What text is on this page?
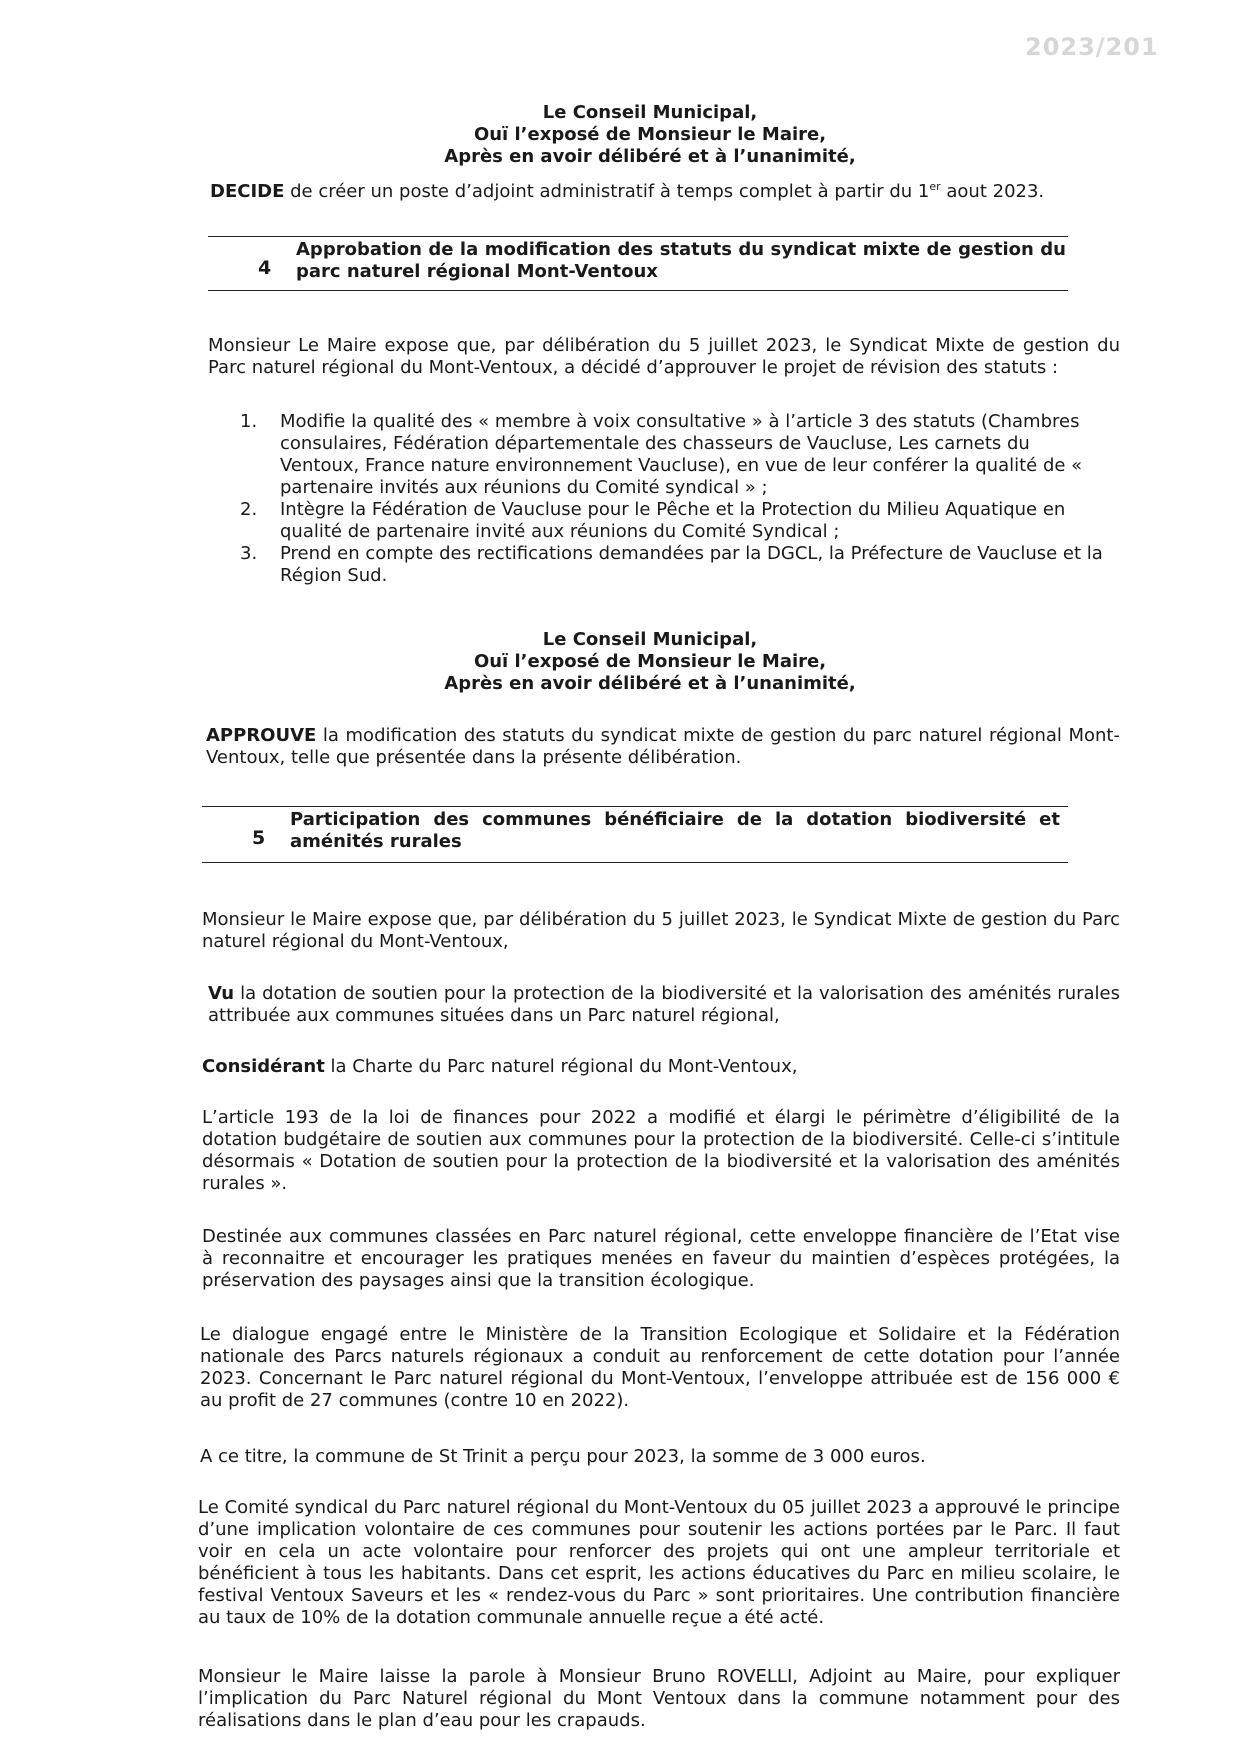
2023/201
Le Conseil Municipal,
Ouï l’exposé de Monsieur le Maire,
Après en avoir délibéré et à l’unanimité,

DECIDE de créer un poste d’adjoint administratif à temps complet à partir du 1er aout 2023.

4
Approbation de la modification des statuts du syndicat mixte de gestion du parc naturel régional Mont-Ventoux

Monsieur Le Maire expose que, par délibération du 5 juillet 2023, le Syndicat Mixte de gestion du Parc naturel régional du Mont-Ventoux, a décidé d’approuver le projet de révision des statuts :

1. Modifie la qualité des « membre à voix consultative » à l’article 3 des statuts (Chambres consulaires, Fédération départementale des chasseurs de Vaucluse, Les carnets du Ventoux, France nature environnement Vaucluse), en vue de leur conférer la qualité de « partenaire invités aux réunions du Comité syndical » ;
2. Intègre la Fédération de Vaucluse pour le Pêche et la Protection du Milieu Aquatique en qualité de partenaire invité aux réunions du Comité Syndical ;
3. Prend en compte des rectifications demandées par la DGCL, la Préfecture de Vaucluse et la Région Sud.
Le Conseil Municipal,
Ouï l’exposé de Monsieur le Maire,
Après en avoir délibéré et à l’unanimité,

APPROUVE la modification des statuts du syndicat mixte de gestion du parc naturel régional Mont-Ventoux, telle que présentée dans la présente délibération.

5
Participation des communes bénéficiaire de la dotation biodiversité et aménités rurales

Monsieur le Maire expose que, par délibération du 5 juillet 2023, le Syndicat Mixte de gestion du Parc naturel régional du Mont-Ventoux,

Vu la dotation de soutien pour la protection de la biodiversité et la valorisation des aménités rurales attribuée aux communes situées dans un Parc naturel régional,

Considérant la Charte du Parc naturel régional du Mont-Ventoux,

L’article 193 de la loi de finances pour 2022 a modifié et élargi le périmètre d’éligibilité de la dotation budgétaire de soutien aux communes pour la protection de la biodiversité. Celle-ci s’intitule désormais « Dotation de soutien pour la protection de la biodiversité et la valorisation des aménités rurales ».

Destinée aux communes classées en Parc naturel régional, cette enveloppe financière de l’Etat vise à reconnaitre et encourager les pratiques menées en faveur du maintien d’espèces protégées, la préservation des paysages ainsi que la transition écologique.

Le dialogue engagé entre le Ministère de la Transition Ecologique et Solidaire et la Fédération nationale des Parcs naturels régionaux a conduit au renforcement de cette dotation pour l’année 2023. Concernant le Parc naturel régional du Mont-Ventoux, l’enveloppe attribuée est de 156 000 € au profit de 27 communes (contre 10 en 2022).

A ce titre, la commune de St Trinit a perçu pour 2023, la somme de 3 000 euros.

Le Comité syndical du Parc naturel régional du Mont-Ventoux du 05 juillet 2023 a approuvé le principe d’une implication volontaire de ces communes pour soutenir les actions portées par le Parc. Il faut voir en cela un acte volontaire pour renforcer des projets qui ont une ampleur territoriale et bénéficient à tous les habitants. Dans cet esprit, les actions éducatives du Parc en milieu scolaire, le festival Ventoux Saveurs et les « rendez-vous du Parc » sont prioritaires. Une contribution financière au taux de 10% de la dotation communale annuelle reçue a été acté.

Monsieur le Maire laisse la parole à Monsieur Bruno ROVELLI, Adjoint au Maire, pour expliquer l’implication du Parc Naturel régional du Mont Ventoux dans la commune notamment pour des réalisations dans le plan d’eau pour les crapauds.
